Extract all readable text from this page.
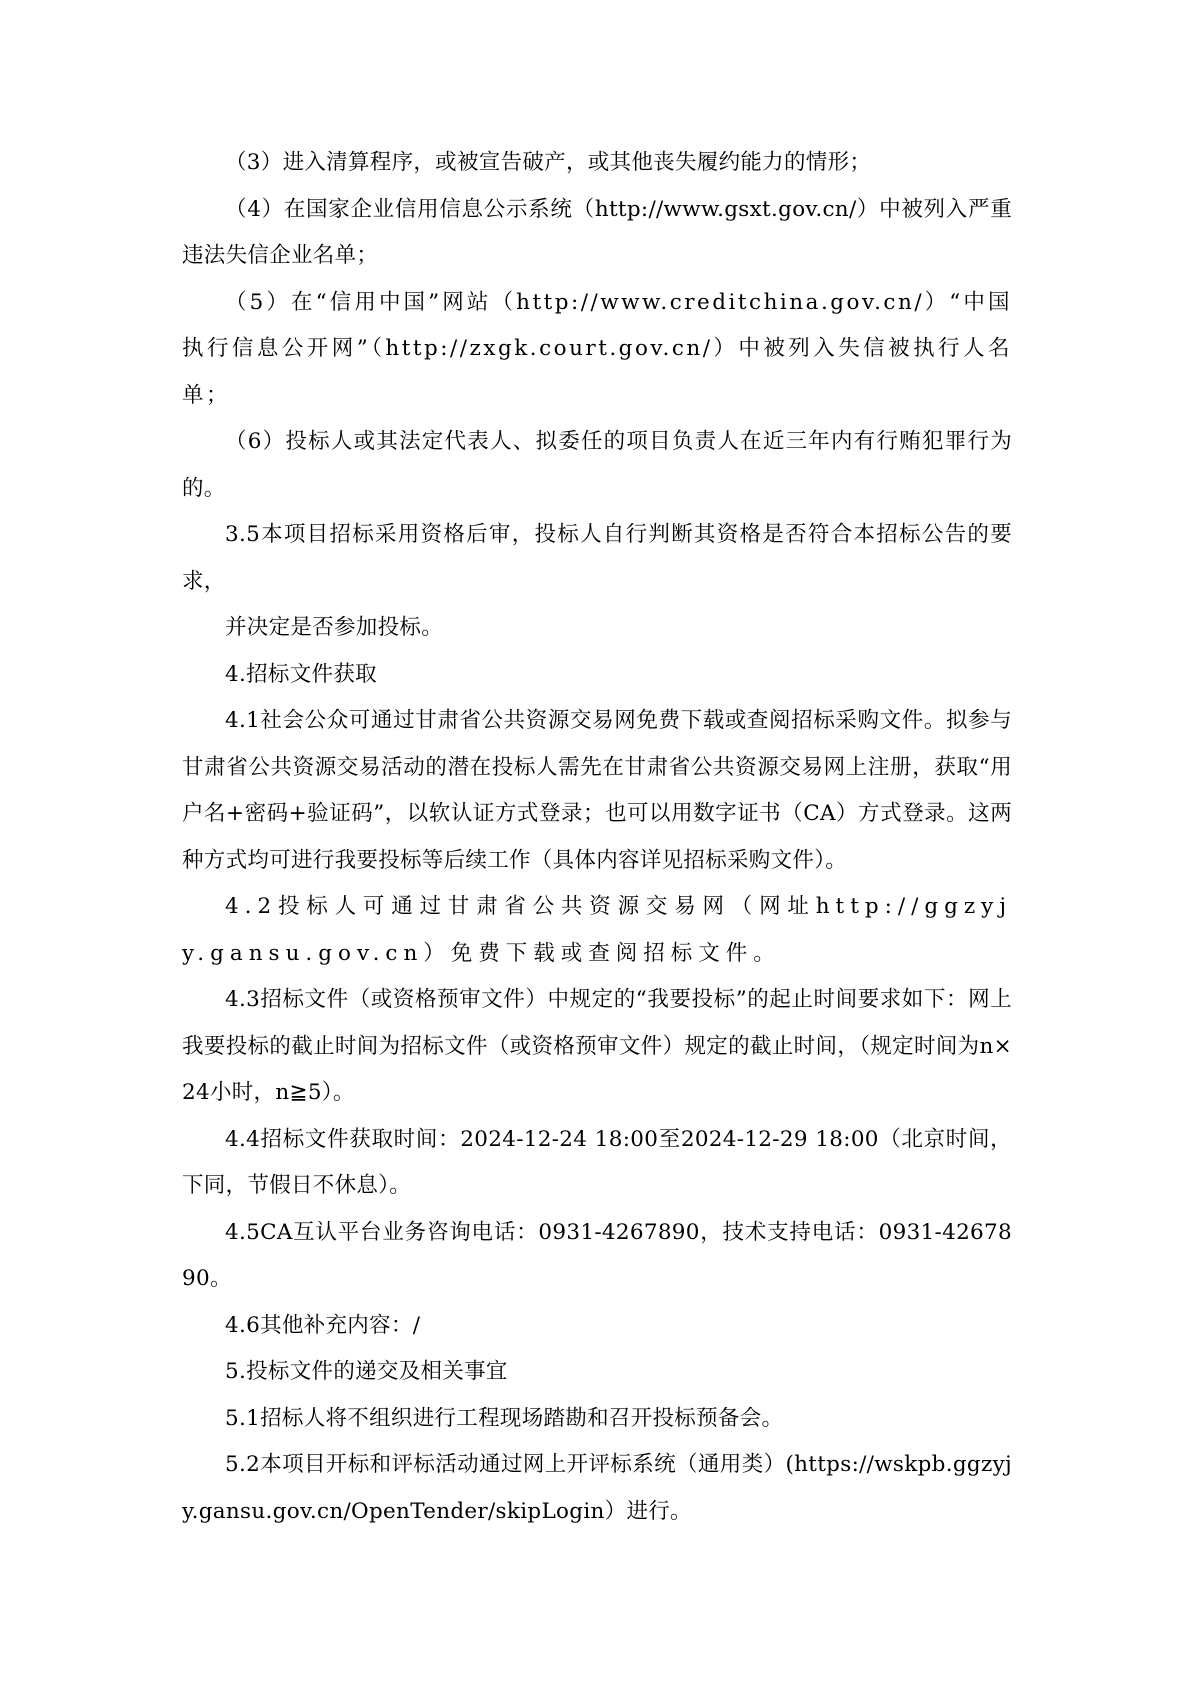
（3）进入清算程序，或被宣告破产，或其他丧失履约能力的情形；

（4）在国家企业信用信息公示系统（http://www.gsxt.gov.cn/）中被列入严重违法失信企业名单；

（5）在“信用中国”网站（http://www.creditchina.gov.cn/）“中国执行信息公开网”（http://zxgk.court.gov.cn/）中被列入失信被执行人名单；

（6）投标人或其法定代表人、拟委任的项目负责人在近三年内有行贿犯罪行为的。

3.5本项目招标采用资格后审，投标人自行判断其资格是否符合本招标公告的要求，

并决定是否参加投标。

4.招标文件获取

4.1社会公众可通过甘肃省公共资源交易网免费下载或查阅招标采购文件。拟参与甘肃省公共资源交易活动的潜在投标人需先在甘肃省公共资源交易网上注册，获取“用户名+密码+验证码”，以软认证方式登录；也可以用数字证书（CA）方式登录。这两种方式均可进行我要投标等后续工作（具体内容详见招标采购文件）。

4.2投标人可通过甘肃省公共资源交易网（网址http://ggzyjy.gansu.gov.cn）免费下载或查阅招标文件。

4.3招标文件（或资格预审文件）中规定的“我要投标”的起止时间要求如下：网上我要投标的截止时间为招标文件（或资格预审文件）规定的截止时间，（规定时间为n×24小时，n≧5）。

4.4招标文件获取时间：2024-12-24 18:00至2024-12-29 18:00（北京时间，下同，节假日不休息）。

4.5CA互认平台业务咨询电话：0931-4267890，技术支持电话：0931-4267890。

4.6其他补充内容：/

5.投标文件的递交及相关事宜

5.1招标人将不组织进行工程现场踏勘和召开投标预备会。

5.2本项目开标和评标活动通过网上开评标系统（通用类）(https://wskpb.ggzyjy.gansu.gov.cn/OpenTender/skipLogin）进行。
